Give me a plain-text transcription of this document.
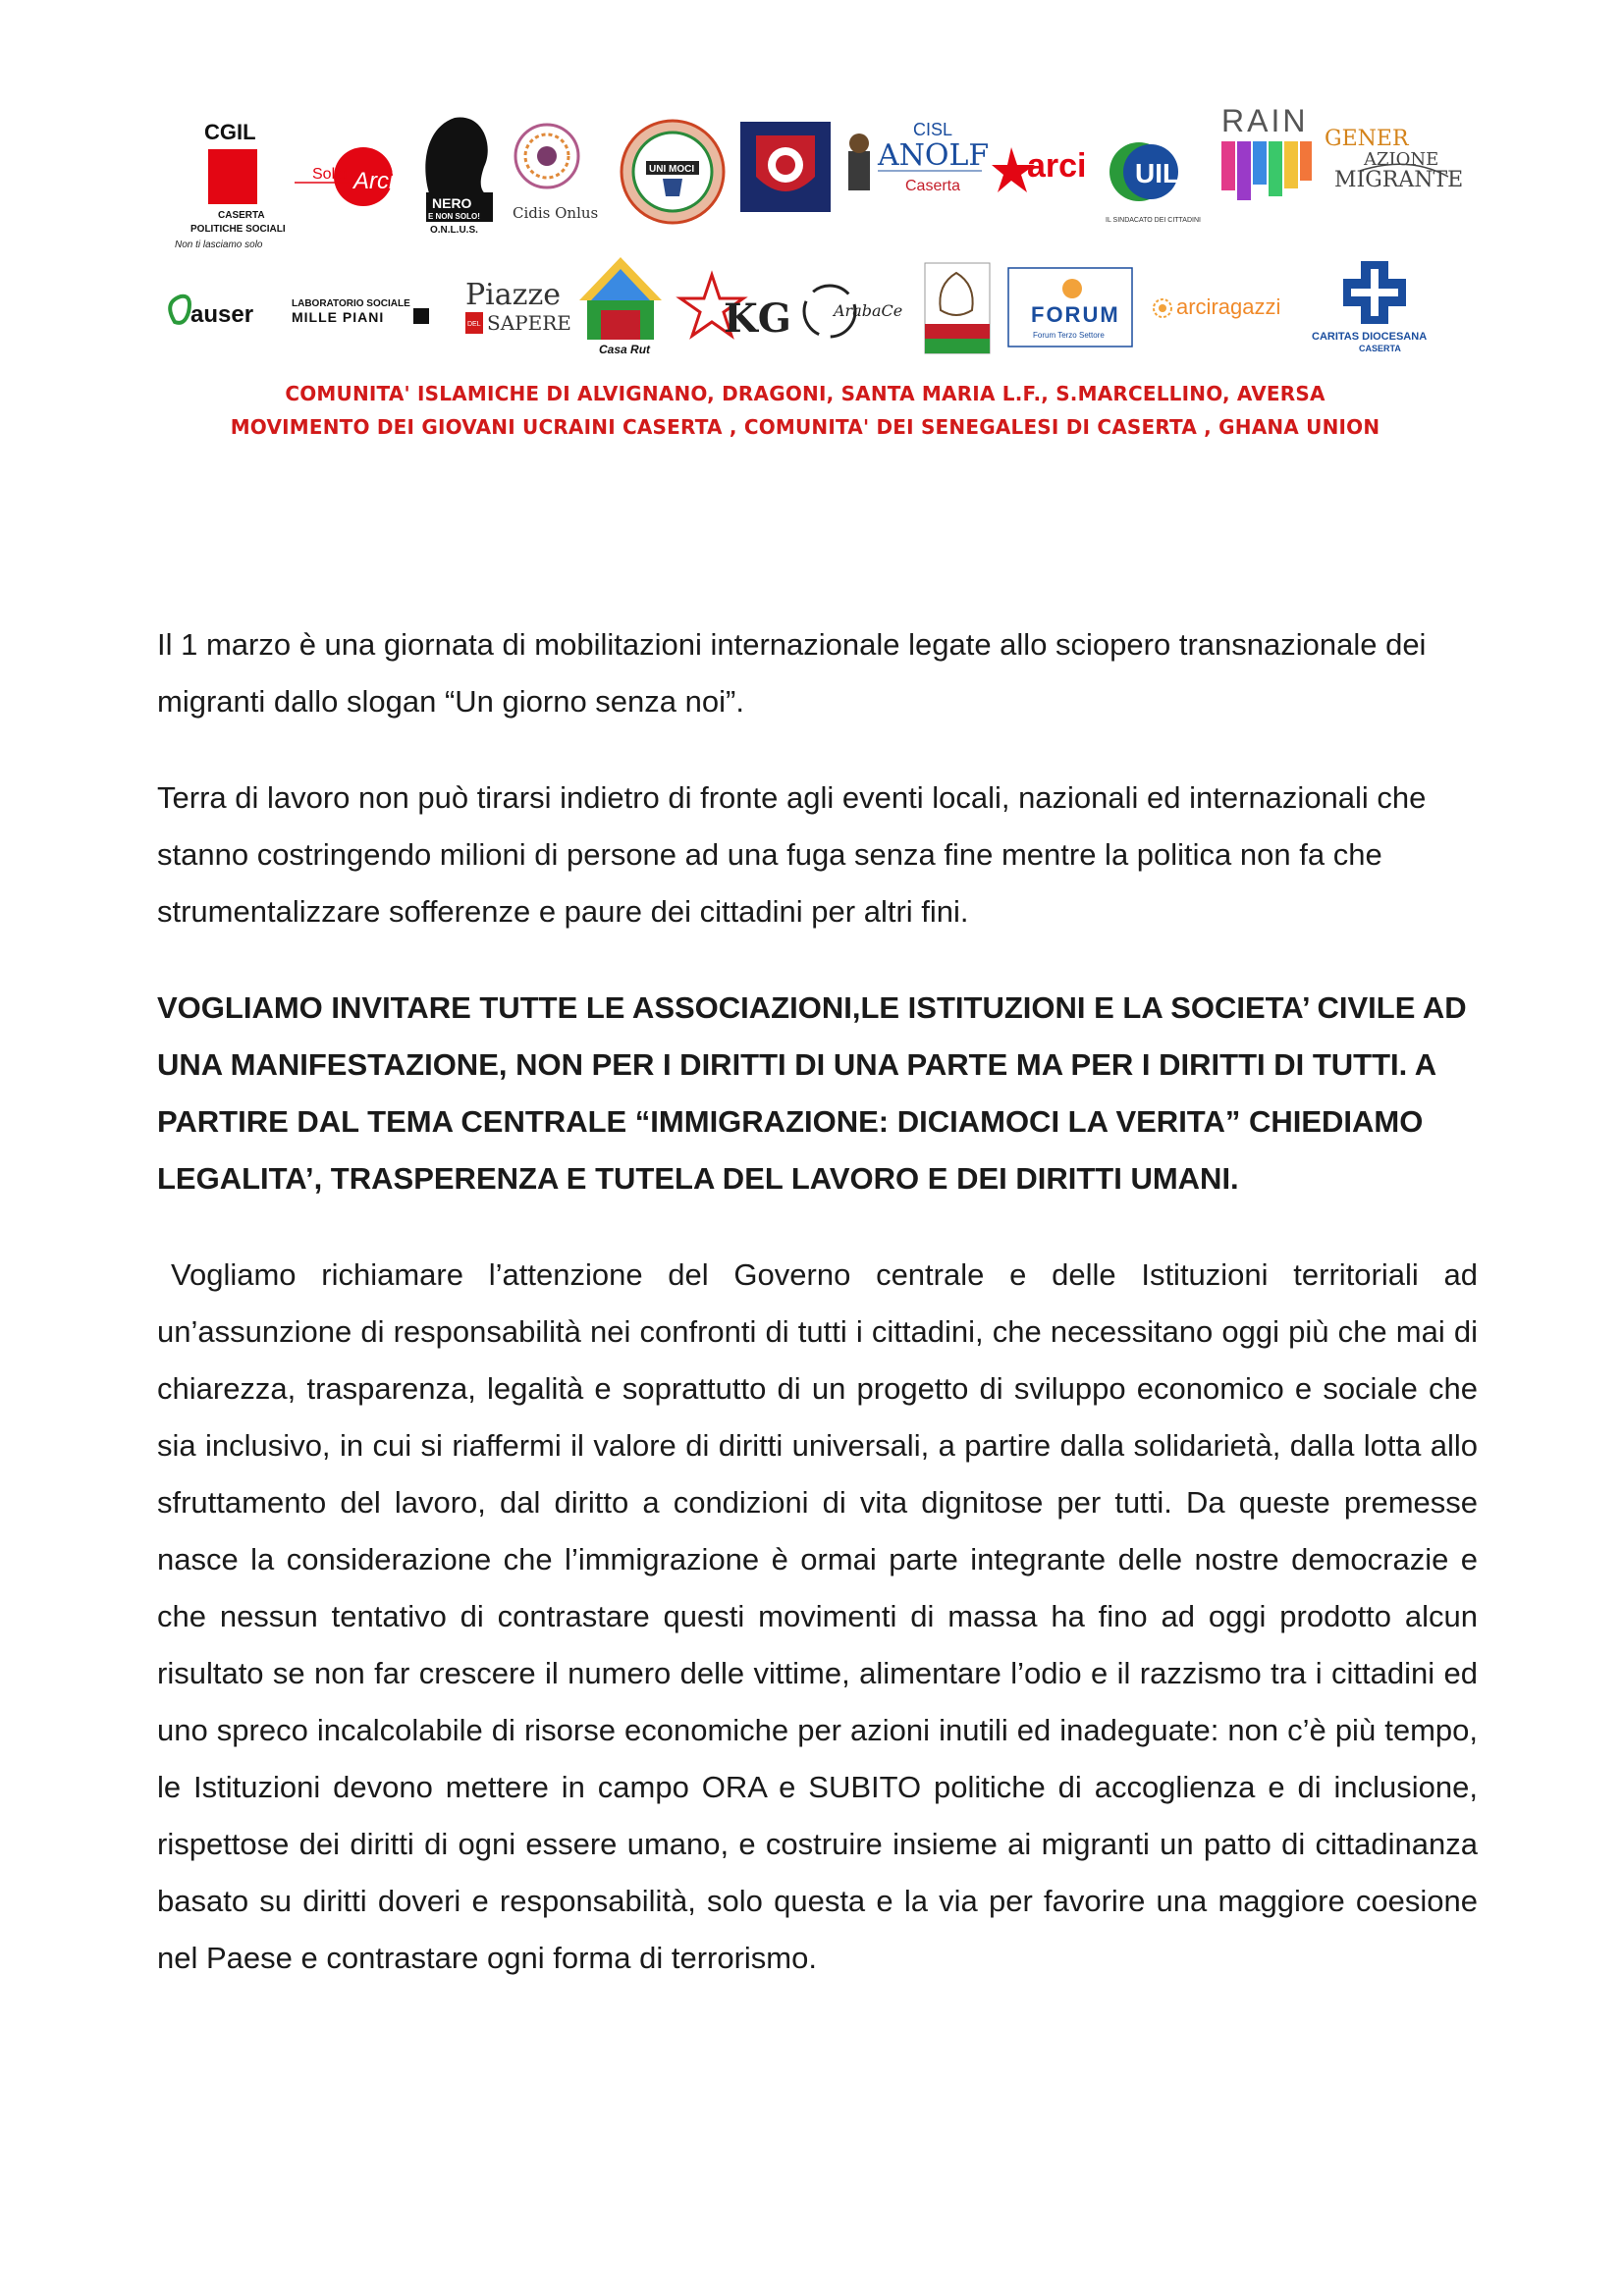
CGIL
CASERTA
POLITICHE SOCIALI
Non ti lasciamo solo
Solid Arci
NERO
E NON SOLO!
O.N.L.U.S.
Cidis Onlus
UNI MOCI
CISL
ANOLF
Caserta
arci UIL
IL SINDACATO DEI CITTADINI
RAIN
GENER
AZIONE
MIGRANTE
auser	LABORATORIO SOCIALE
MILLE PIANI
Piazze
DEL SAPERE
Casa Rut
KG	ArabaCe	FORUM
Forum Terzo Settore
arciragazzi
CARITAS DIOCESANA
CASERTA
COMUNITA' ISLAMICHE DI ALVIGNANO, DRAGONI, SANTA MARIA L.F., S.MARCELLINO, AVERSA
MOVIMENTO DEI GIOVANI UCRAINI CASERTA , COMUNITA' DEI SENEGALESI DI CASERTA , GHANA UNION

Il 1 marzo è una giornata di mobilitazioni internazionale legate allo sciopero transnazionale dei migranti dallo slogan “Un giorno senza noi”.

Terra di lavoro non può tirarsi indietro di fronte agli eventi locali, nazionali ed internazionali che stanno costringendo milioni di persone ad una fuga senza fine mentre la politica non fa che strumentalizzare sofferenze e paure dei cittadini per altri fini.

VOGLIAMO INVITARE TUTTE LE ASSOCIAZIONI,LE ISTITUZIONI E LA SOCIETA’ CIVILE AD UNA MANIFESTAZIONE, NON PER I DIRITTI DI UNA PARTE MA PER I DIRITTI DI TUTTI. A PARTIRE DAL TEMA CENTRALE “IMMIGRAZIONE: DICIAMOCI LA VERITA” CHIEDIAMO LEGALITA’, TRASPERENZA E TUTELA DEL LAVORO E DEI DIRITTI UMANI.

Vogliamo richiamare l’attenzione del Governo centrale e delle Istituzioni territoriali ad un’assunzione di responsabilità nei confronti di tutti i cittadini, che necessitano oggi più che mai di chiarezza, trasparenza, legalità e soprattutto di un progetto di sviluppo economico e sociale che sia inclusivo, in cui si riaffermi il valore di diritti universali, a partire dalla solidarietà, dalla lotta allo sfruttamento del lavoro, dal diritto a condizioni di vita dignitose per tutti. Da queste premesse nasce la considerazione che l’immigrazione è ormai parte integrante delle nostre democrazie e che nessun tentativo di contrastare questi movimenti di massa ha fino ad oggi prodotto alcun risultato se non far crescere il numero delle vittime, alimentare l’odio e il razzismo tra i cittadini ed uno spreco incalcolabile di risorse economiche per azioni inutili ed inadeguate: non c’è più tempo, le Istituzioni devono mettere in campo ORA e SUBITO politiche di accoglienza e di inclusione, rispettose dei diritti di ogni essere umano, e costruire insieme ai migranti un patto di cittadinanza basato su diritti doveri e responsabilità, solo questa e la via per favorire una maggiore coesione nel Paese e contrastare ogni forma di terrorismo.
